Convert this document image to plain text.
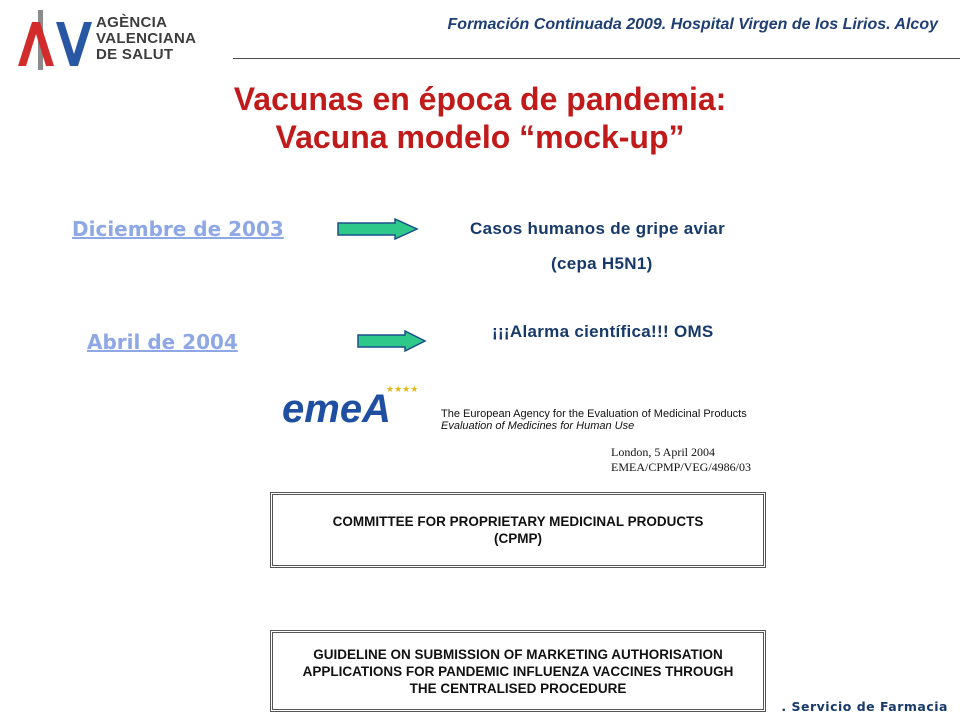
AGÈNCIA
VALENCIANA
DE SALUT
Formación Continuada 2009. Hospital Virgen de los Lirios. Alcoy
Vacunas en época de pandemia:
Vacuna modelo “mock-up”
Diciembre de 2003	Casos humanos de gripe aviar
(cepa H5N1)
Abril de 2004	¡¡¡Alarma científica!!! OMS
emeA
★★★★
The European Agency for the Evaluation of Medicinal Products
Evaluation of Medicines for Human Use
London, 5 April 2004
EMEA/CPMP/VEG/4986/03
COMMITTEE FOR PROPRIETARY MEDICINAL PRODUCTS
(CPMP)
GUIDELINE ON SUBMISSION OF MARKETING AUTHORISATION
APPLICATIONS FOR PANDEMIC INFLUENZA VACCINES THROUGH
THE CENTRALISED PROCEDURE
. Servicio de Farmacia
